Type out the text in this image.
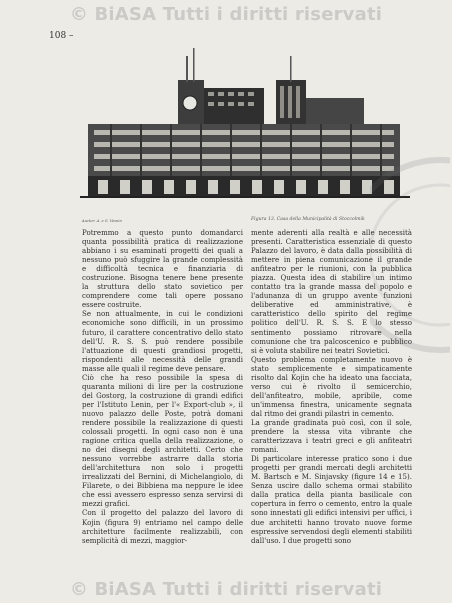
© BiASA Tutti i diritti riservati
108 –
Auctor: A. e G. Vesnin	Figura 13. Casa della Municipalità di Stoccolmik

Potremmo a questo punto domandarci quanta possibilità pratica di realizzazione abbiano i su esaminati progetti dei quali a nessuno può sfuggire la grande complessità e difficoltà tecnica e finanziaria di costruzione. Bisogna tenere bene presente la struttura dello stato sovietico per comprendere come tali opere possano essere costruite.

Se non attualmente, in cui le condizioni economiche sono difficili, in un prossimo futuro, il carattere concentrativo dello stato dell'U. R. S. S. può rendere possibile l'attuazione di questi grandiosi progetti, rispondenti alle necessità delle grandi masse alle quali il regime deve pensare.

Ciò che ha reso possibile la spesa di quaranta milioni di lire per la costruzione del Gostorg, la costruzione di grandi edifici per l'Istituto Lenin, per l'« Export-club », il nuovo palazzo delle Poste, potrà domani rendere possibile la realizzazione di questi colossali progetti. In ogni caso non è una ragione critica quella della realizzazione, o no dei disegni degli architetti. Certo che nessuno vorrebbe astrarre dalla storia dell'architettura non solo i progetti irrealizzati del Bernini, di Michelangiolo, di Filarete, o dei Bibbiena ma neppure le idee che essi avessero espresso senza servirsi di mezzi grafici.

Con il progetto del palazzo del lavoro di Kojin (figura 9) entriamo nel campo delle architetture facilmente realizzabili, con semplicità di mezzi, maggior-

mente aderenti alla realtà e alle necessità presenti. Caratteristica essenziale di questo Palazzo del lavoro, è data dalla possibilità di mettere in piena comunicazione il grande anfiteatro per le riunioni, con la pubblica piazza. Questa idea di stabilire un intimo contatto tra la grande massa del popolo e l'adunanza di un gruppo avente funzioni deliberative ed amministrative, è caratteristico dello spirito del regime politico dell'U. R. S. S. E lo stesso sentimento possiamo ritrovare nella comunione che tra palcoscenico e pubblico si è voluta stabilire nei teatri Sovietici.

Questo problema completamente nuovo è stato semplicemente e simpaticamente risolto dal Kojin che ha ideato una facciata, verso cui è rivolto il semicerchio, dell'anfiteatro, mobile, apribile, come un'immensa finestra, unicamente segnata dal ritmo dei grandi pilastri in cemento.

La grande gradinata può così, con il sole, prendere la stessa vita vibrante che caratterizzava i teatri greci e gli anfiteatri romani.

Di particolare interesse pratico sono i due progetti per grandi mercati degli architetti M. Bartsch e M. Sinjavsky (figure 14 e 15). Senza uscire dallo schema ormai stabilito dalla pratica della pianta basilicale con copertura in ferro o cemento, entro la quale sono innestati gli edifici intensivi per uffici, i due architetti hanno trovato nuove forme espressive servendosi degli elementi stabiliti dall'uso. I due progetti sono

© BiASA Tutti i diritti riservati
